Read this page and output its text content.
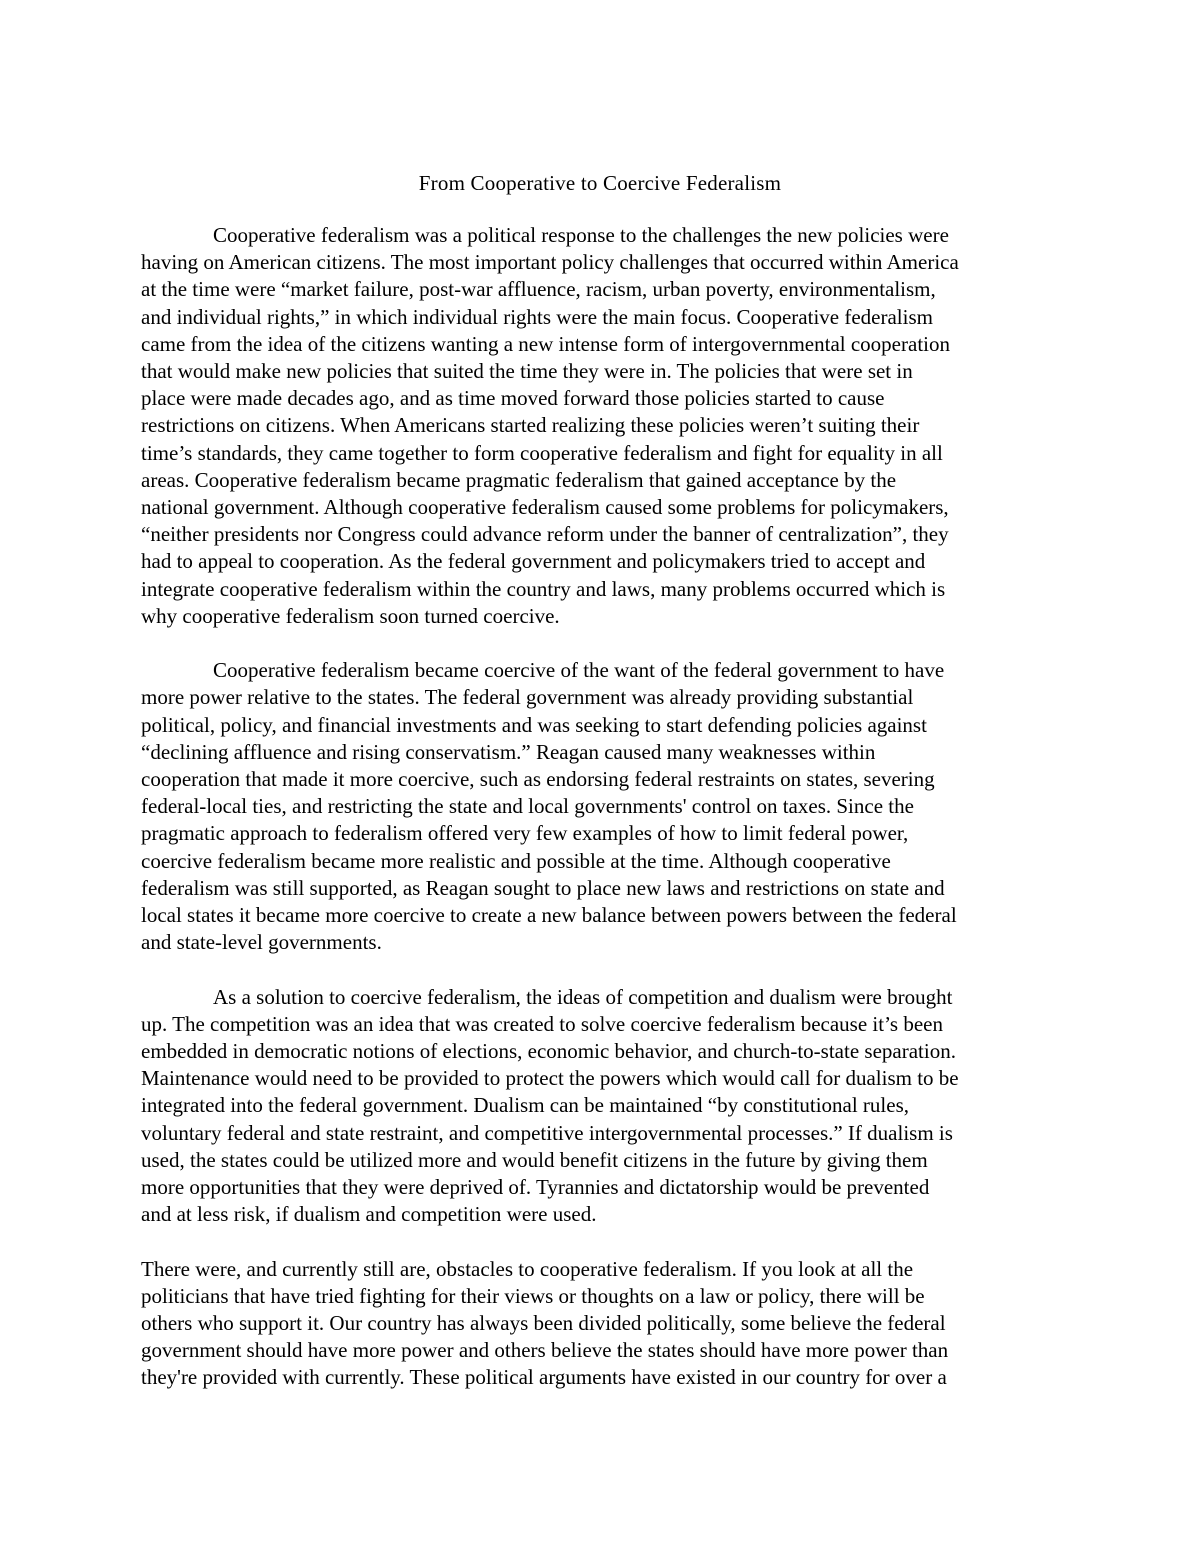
From Cooperative to Coercive Federalism
Cooperative federalism was a political response to the challenges the new policies were
having on American citizens. The most important policy challenges that occurred within America
at the time were “market failure, post-war affluence, racism, urban poverty, environmentalism,
and individual rights,” in which individual rights were the main focus. Cooperative federalism
came from the idea of the citizens wanting a new intense form of intergovernmental cooperation
that would make new policies that suited the time they were in. The policies that were set in
place were made decades ago, and as time moved forward those policies started to cause
restrictions on citizens. When Americans started realizing these policies weren’t suiting their
time’s standards, they came together to form cooperative federalism and fight for equality in all
areas. Cooperative federalism became pragmatic federalism that gained acceptance by the
national government. Although cooperative federalism caused some problems for policymakers,
“neither presidents nor Congress could advance reform under the banner of centralization”, they
had to appeal to cooperation. As the federal government and policymakers tried to accept and
integrate cooperative federalism within the country and laws, many problems occurred which is
why cooperative federalism soon turned coercive.
Cooperative federalism became coercive of the want of the federal government to have
more power relative to the states. The federal government was already providing substantial
political, policy, and financial investments and was seeking to start defending policies against
“declining affluence and rising conservatism.” Reagan caused many weaknesses within
cooperation that made it more coercive, such as endorsing federal restraints on states, severing
federal-local ties, and restricting the state and local governments' control on taxes. Since the
pragmatic approach to federalism offered very few examples of how to limit federal power,
coercive federalism became more realistic and possible at the time. Although cooperative
federalism was still supported, as Reagan sought to place new laws and restrictions on state and
local states it became more coercive to create a new balance between powers between the federal
and state-level governments.
As a solution to coercive federalism, the ideas of competition and dualism were brought
up. The competition was an idea that was created to solve coercive federalism because it’s been
embedded in democratic notions of elections, economic behavior, and church-to-state separation.
Maintenance would need to be provided to protect the powers which would call for dualism to be
integrated into the federal government. Dualism can be maintained “by constitutional rules,
voluntary federal and state restraint, and competitive intergovernmental processes.” If dualism is
used, the states could be utilized more and would benefit citizens in the future by giving them
more opportunities that they were deprived of. Tyrannies and dictatorship would be prevented
and at less risk, if dualism and competition were used.
There were, and currently still are, obstacles to cooperative federalism. If you look at all the
politicians that have tried fighting for their views or thoughts on a law or policy, there will be
others who support it. Our country has always been divided politically, some believe the federal
government should have more power and others believe the states should have more power than
they're provided with currently. These political arguments have existed in our country for over a
